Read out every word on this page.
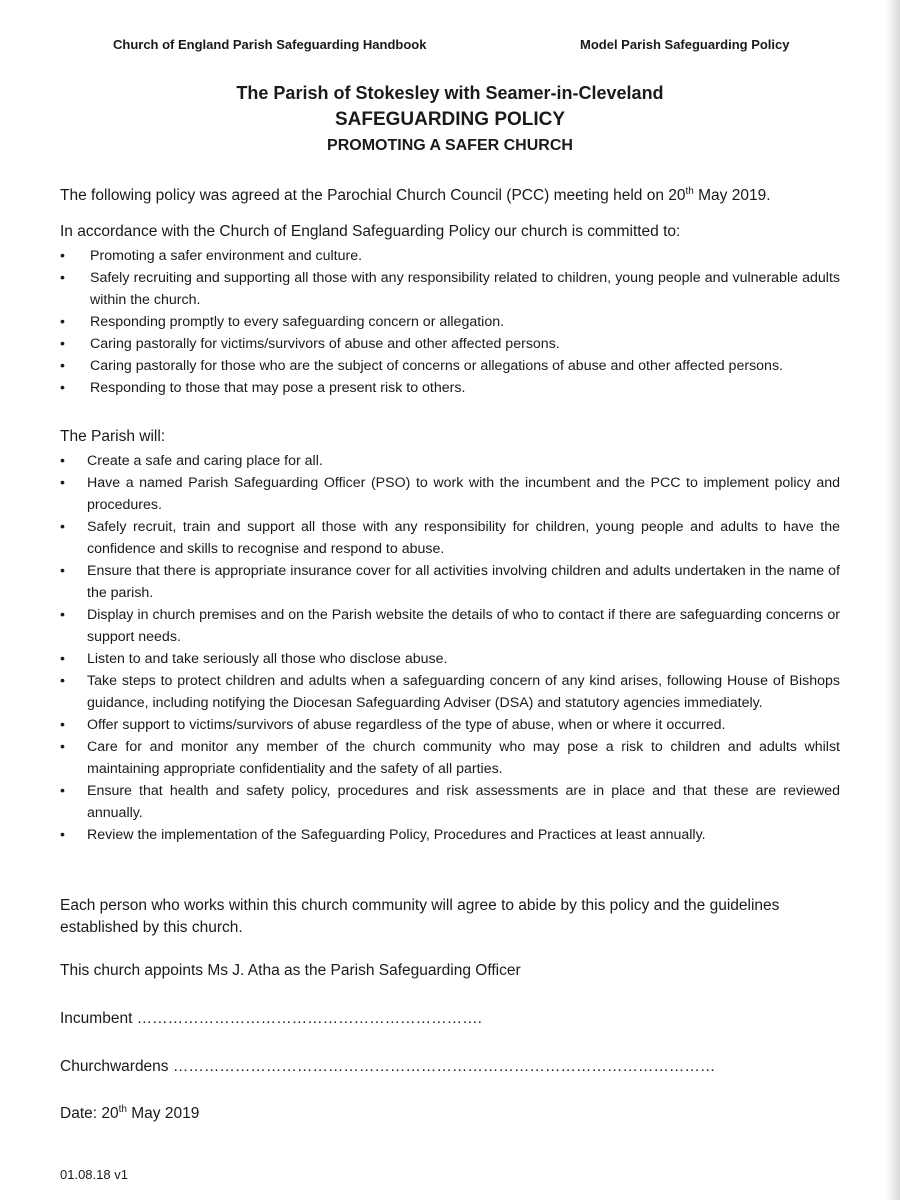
Church of England Parish Safeguarding Handbook	Model Parish Safeguarding Policy
The Parish of Stokesley with Seamer-in-Cleveland
SAFEGUARDING POLICY
PROMOTING A SAFER CHURCH
The following policy was agreed at the Parochial Church Council (PCC) meeting held on 20th May 2019.
In accordance with the Church of England Safeguarding Policy our church is committed to:
•	Promoting a safer environment and culture.
•	Safely recruiting and supporting all those with any responsibility related to children, young people and vulnerable adults within the church.
•	Responding promptly to every safeguarding concern or allegation.
•	Caring pastorally for victims/survivors of abuse and other affected persons.
•	Caring pastorally for those who are the subject of concerns or allegations of abuse and other affected persons.
•	Responding to those that may pose a present risk to others.
The Parish will:
•	Create a safe and caring place for all.
•	Have a named Parish Safeguarding Officer (PSO) to work with the incumbent and the PCC to implement policy and procedures.
•	Safely recruit, train and support all those with any responsibility for children, young people and adults to have the confidence and skills to recognise and respond to abuse.
•	Ensure that there is appropriate insurance cover for all activities involving children and adults undertaken in the name of the parish.
•	Display in church premises and on the Parish website the details of who to contact if there are safeguarding concerns or support needs.
•	Listen to and take seriously all those who disclose abuse.
•	Take steps to protect children and adults when a safeguarding concern of any kind arises, following House of Bishops guidance, including notifying the Diocesan Safeguarding Adviser (DSA) and statutory agencies immediately.
•	Offer support to victims/survivors of abuse regardless of the type of abuse, when or where it occurred.
•	Care for and monitor any member of the church community who may pose a risk to children and adults whilst maintaining appropriate confidentiality and the safety of all parties.
•	Ensure that health and safety policy, procedures and risk assessments are in place and that these are reviewed annually.
•	Review the implementation of the Safeguarding Policy, Procedures and Practices at least annually.
Each person who works within this church community will agree to abide by this policy and the guidelines established by this church.
This church appoints Ms J. Atha as the Parish Safeguarding Officer
Incumbent ………………………………………………………….
Churchwardens ……………………………………………………………………………………………
Date: 20th May 2019
01.08.18 v1
